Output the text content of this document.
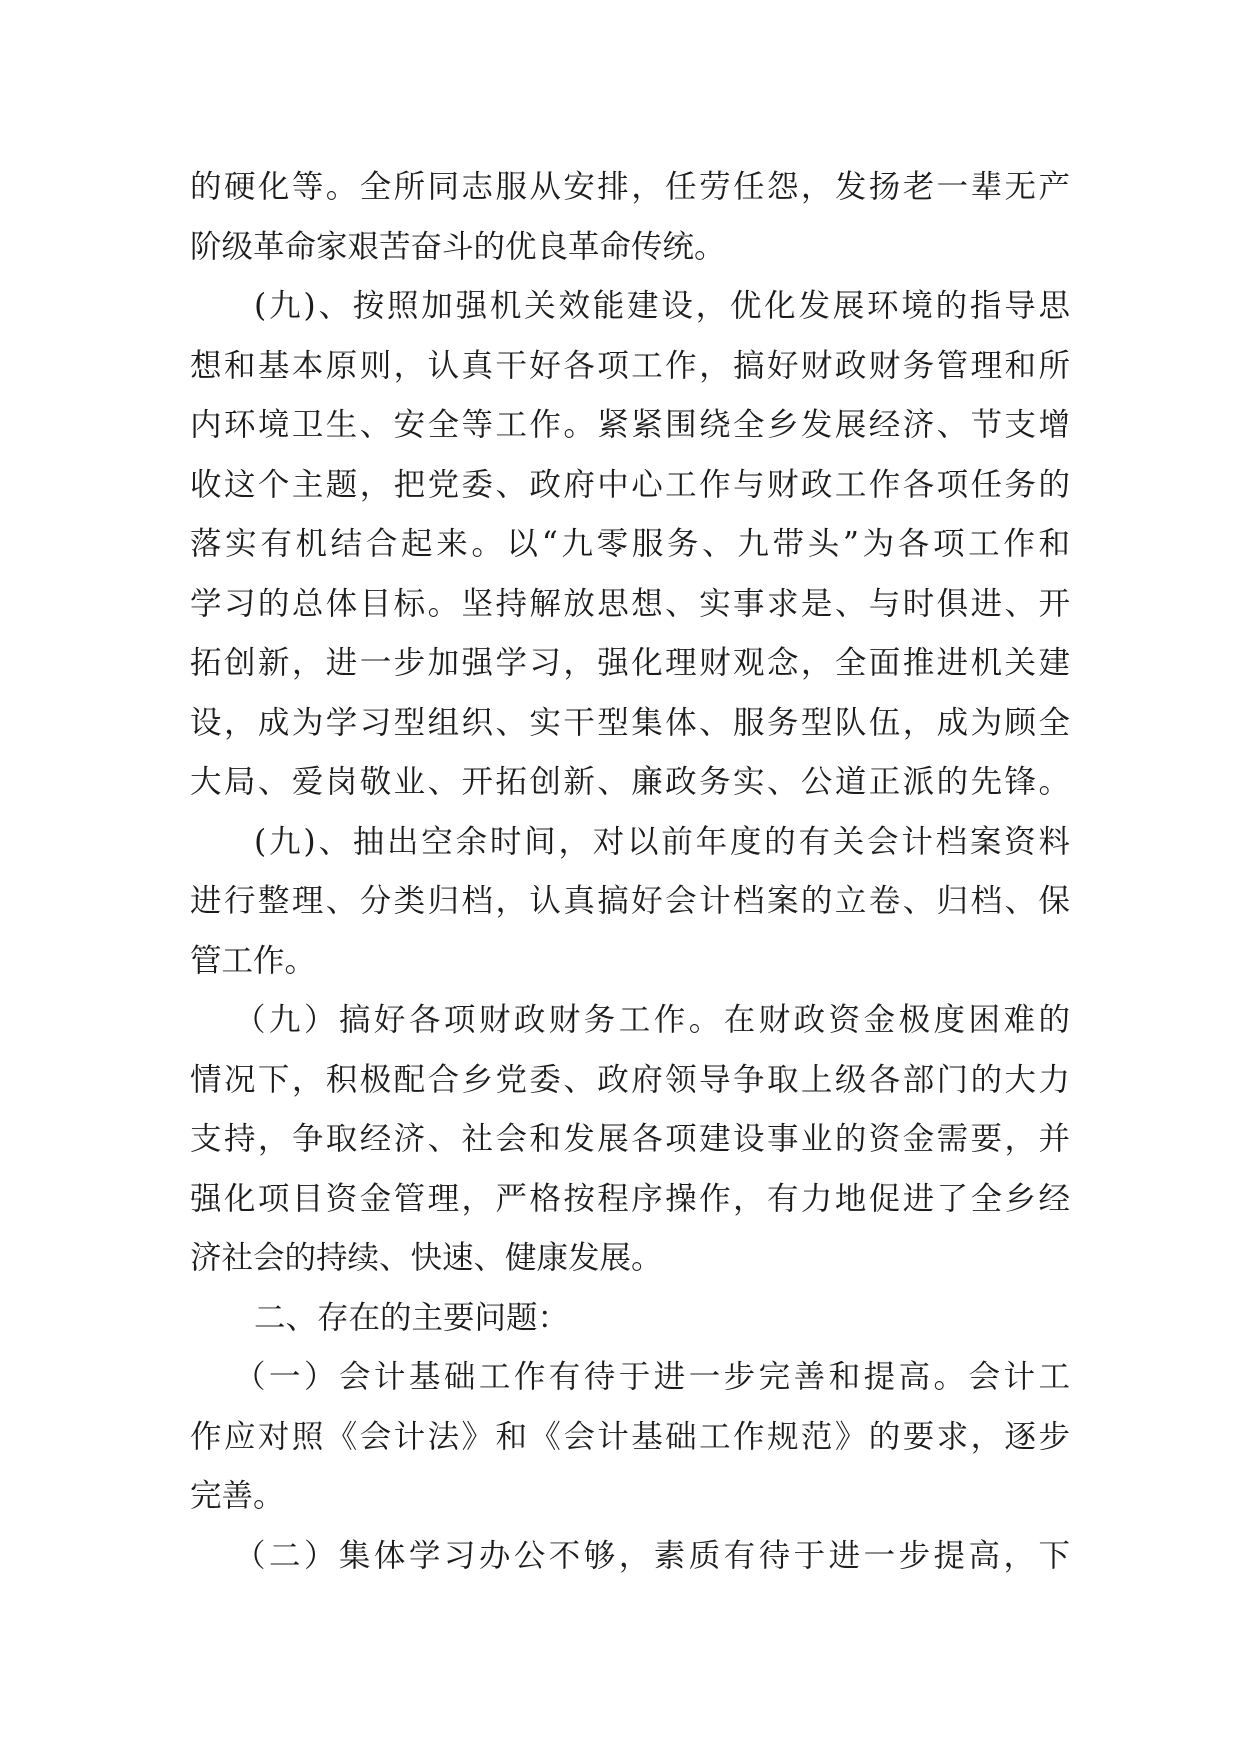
的硬化等。全所同志服从安排，任劳任怨，发扬老一辈无产
阶级革命家艰苦奋斗的优良革命传统。
(九)、按照加强机关效能建设，优化发展环境的指导思
想和基本原则，认真干好各项工作，搞好财政财务管理和所
内环境卫生、安全等工作。紧紧围绕全乡发展经济、节支增
收这个主题，把党委、政府中心工作与财政工作各项任务的
落实有机结合起来。以“九零服务、九带头”为各项工作和
学习的总体目标。坚持解放思想、实事求是、与时俱进、开
拓创新，进一步加强学习，强化理财观念，全面推进机关建
设，成为学习型组织、实干型集体、服务型队伍，成为顾全
大局、爱岗敬业、开拓创新、廉政务实、公道正派的先锋。
(九)、抽出空余时间，对以前年度的有关会计档案资料
进行整理、分类归档，认真搞好会计档案的立卷、归档、保
管工作。
（九）搞好各项财政财务工作。在财政资金极度困难的
情况下，积极配合乡党委、政府领导争取上级各部门的大力
支持，争取经济、社会和发展各项建设事业的资金需要，并
强化项目资金管理，严格按程序操作，有力地促进了全乡经
济社会的持续、快速、健康发展。
二、存在的主要问题：
（一）会计基础工作有待于进一步完善和提高。会计工
作应对照《会计法》和《会计基础工作规范》的要求，逐步
完善。
（二）集体学习办公不够，素质有待于进一步提高，下
